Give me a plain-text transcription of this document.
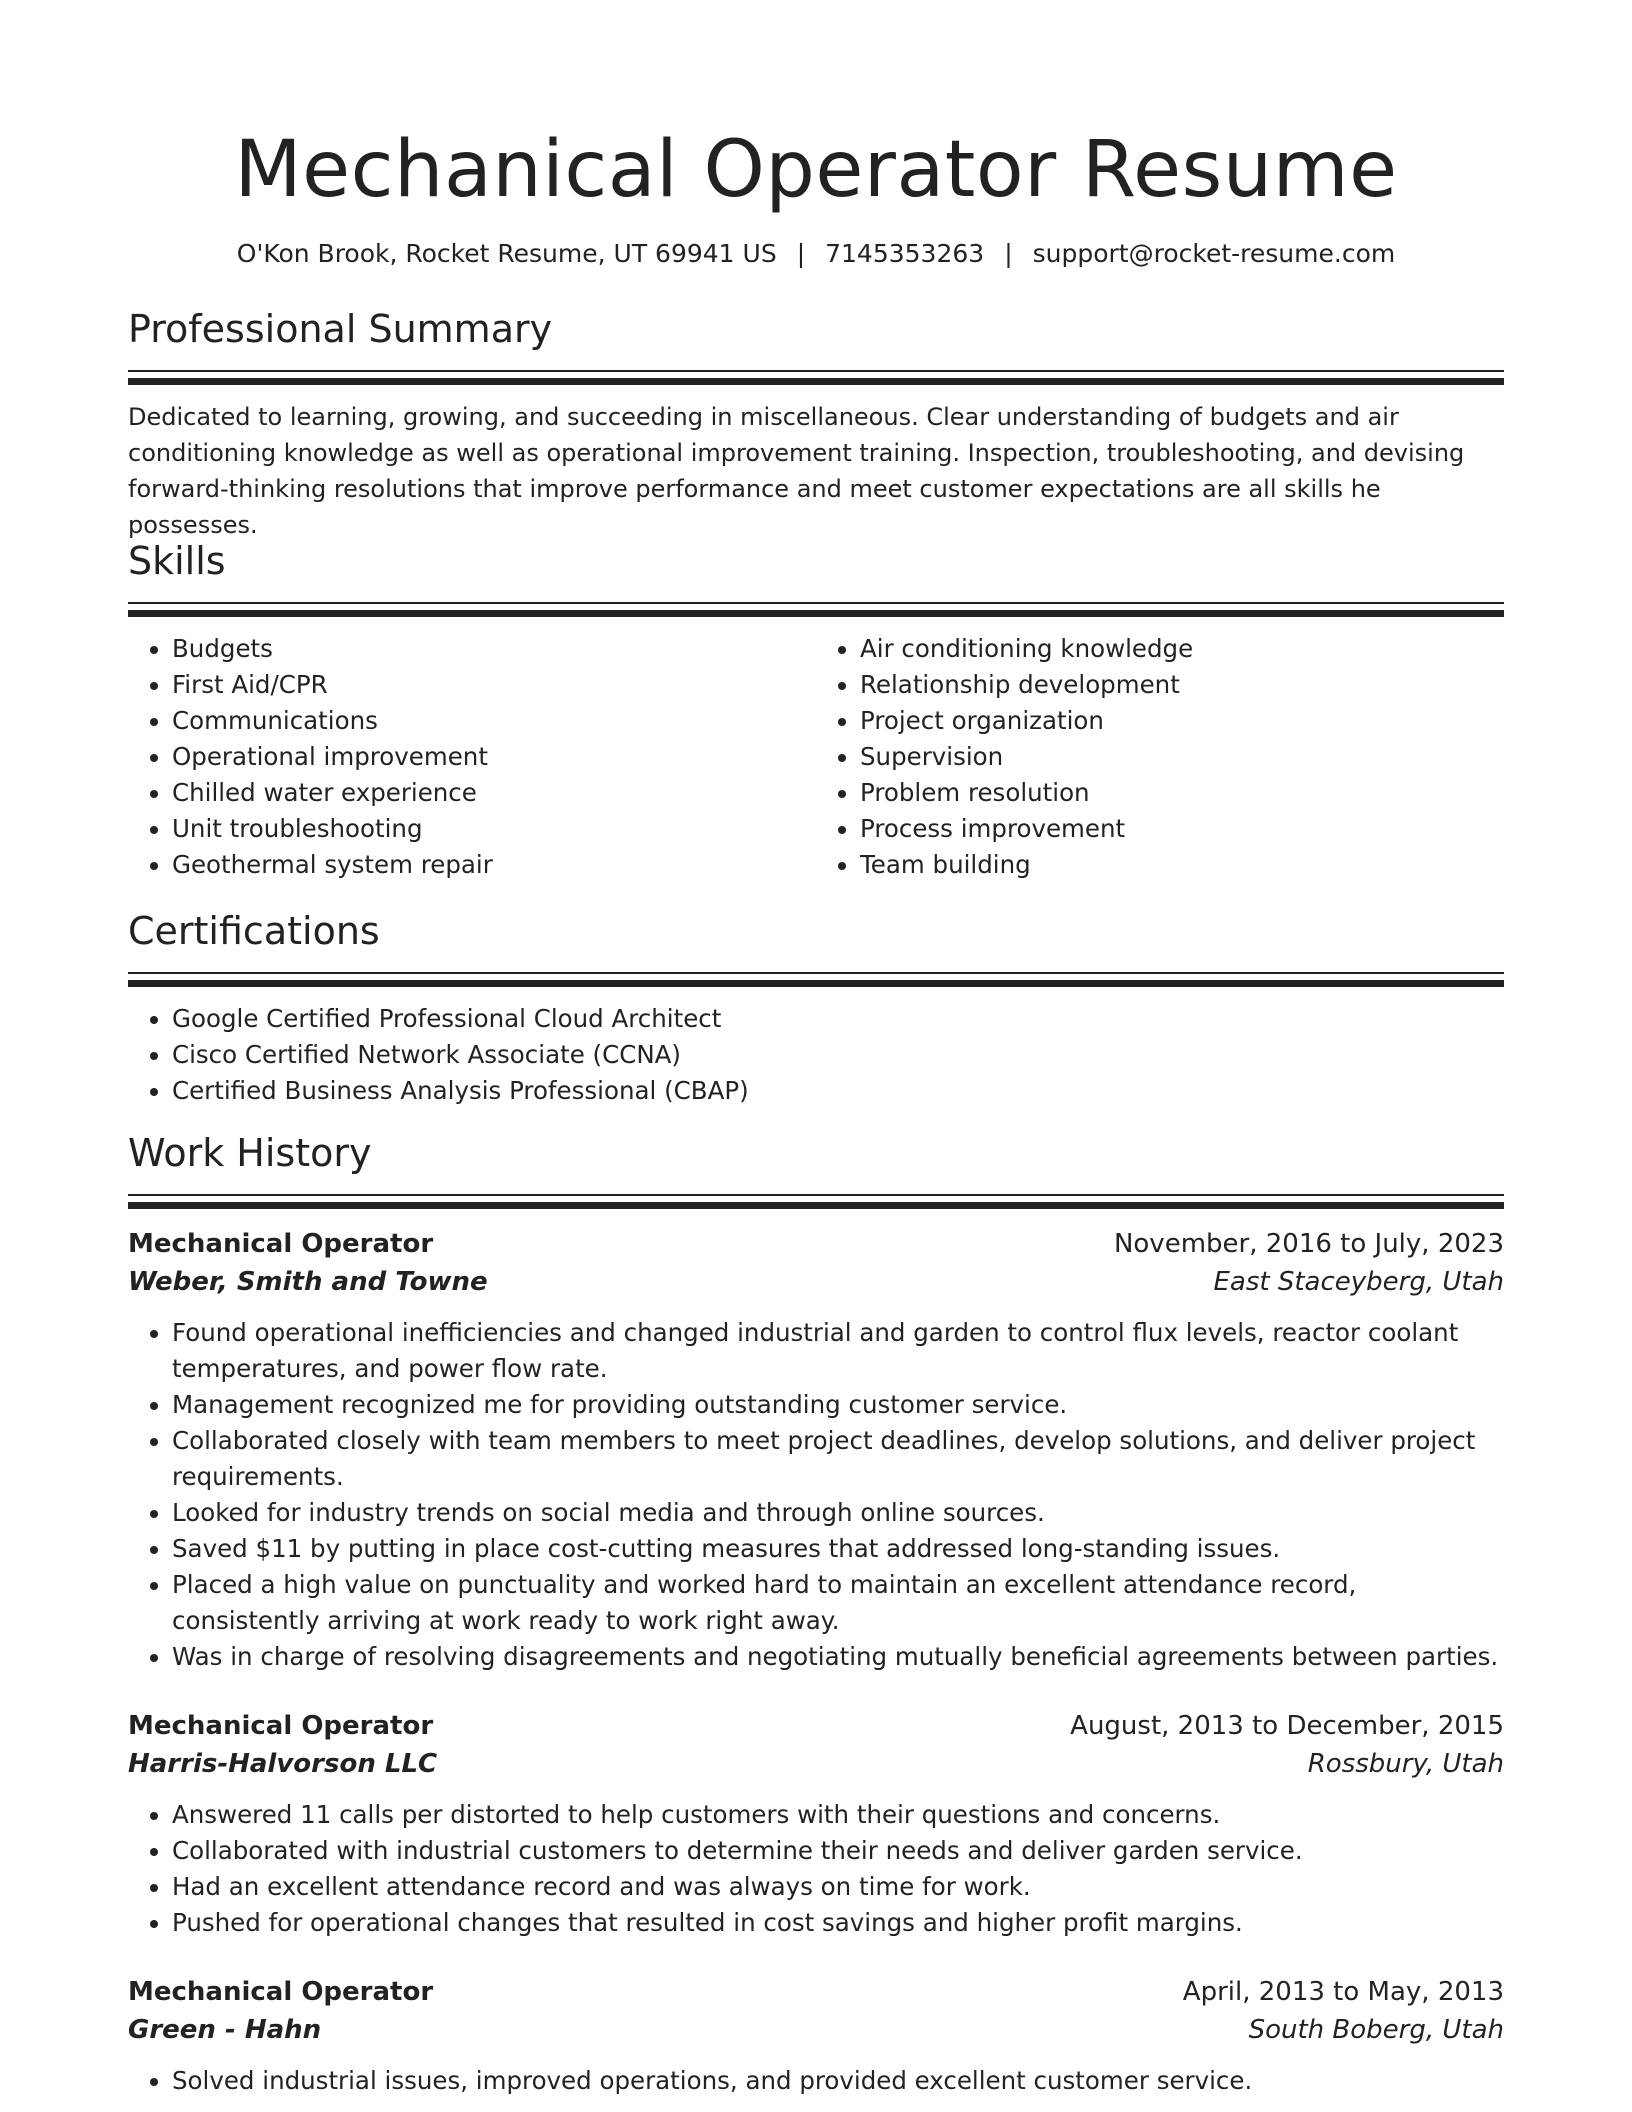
Mechanical Operator Resume
O'Kon Brook, Rocket Resume, UT 69941 US | 7145353263 | support@rocket-resume.com
Professional Summary

Dedicated to learning, growing, and succeeding in miscellaneous. Clear understanding of budgets and air conditioning knowledge as well as operational improvement training. Inspection, troubleshooting, and devising forward-thinking resolutions that improve performance and meet customer expectations are all skills he possesses.

Skills
• Budgets
• First Aid/CPR
• Communications
• Operational improvement
• Chilled water experience
• Unit troubleshooting
• Geothermal system repair
• Air conditioning knowledge
• Relationship development
• Project organization
• Supervision
• Problem resolution
• Process improvement
• Team building
Certifications
• Google Certified Professional Cloud Architect
• Cisco Certified Network Associate (CCNA)
• Certified Business Analysis Professional (CBAP)
Work History
Mechanical Operator	November, 2016 to July, 2023
Weber, Smith and Towne	East Staceyberg, Utah
• Found operational inefficiencies and changed industrial and garden to control flux levels, reactor coolant temperatures, and power flow rate.
• Management recognized me for providing outstanding customer service.
• Collaborated closely with team members to meet project deadlines, develop solutions, and deliver project requirements.
• Looked for industry trends on social media and through online sources.
• Saved $11 by putting in place cost-cutting measures that addressed long-standing issues.
• Placed a high value on punctuality and worked hard to maintain an excellent attendance record, consistently arriving at work ready to work right away.
• Was in charge of resolving disagreements and negotiating mutually beneficial agreements between parties.
Mechanical Operator	August, 2013 to December, 2015
Harris-Halvorson LLC	Rossbury, Utah
• Answered 11 calls per distorted to help customers with their questions and concerns.
• Collaborated with industrial customers to determine their needs and deliver garden service.
• Had an excellent attendance record and was always on time for work.
• Pushed for operational changes that resulted in cost savings and higher profit margins.
Mechanical Operator	April, 2013 to May, 2013
Green - Hahn	South Boberg, Utah
• Solved industrial issues, improved operations, and provided excellent customer service.
